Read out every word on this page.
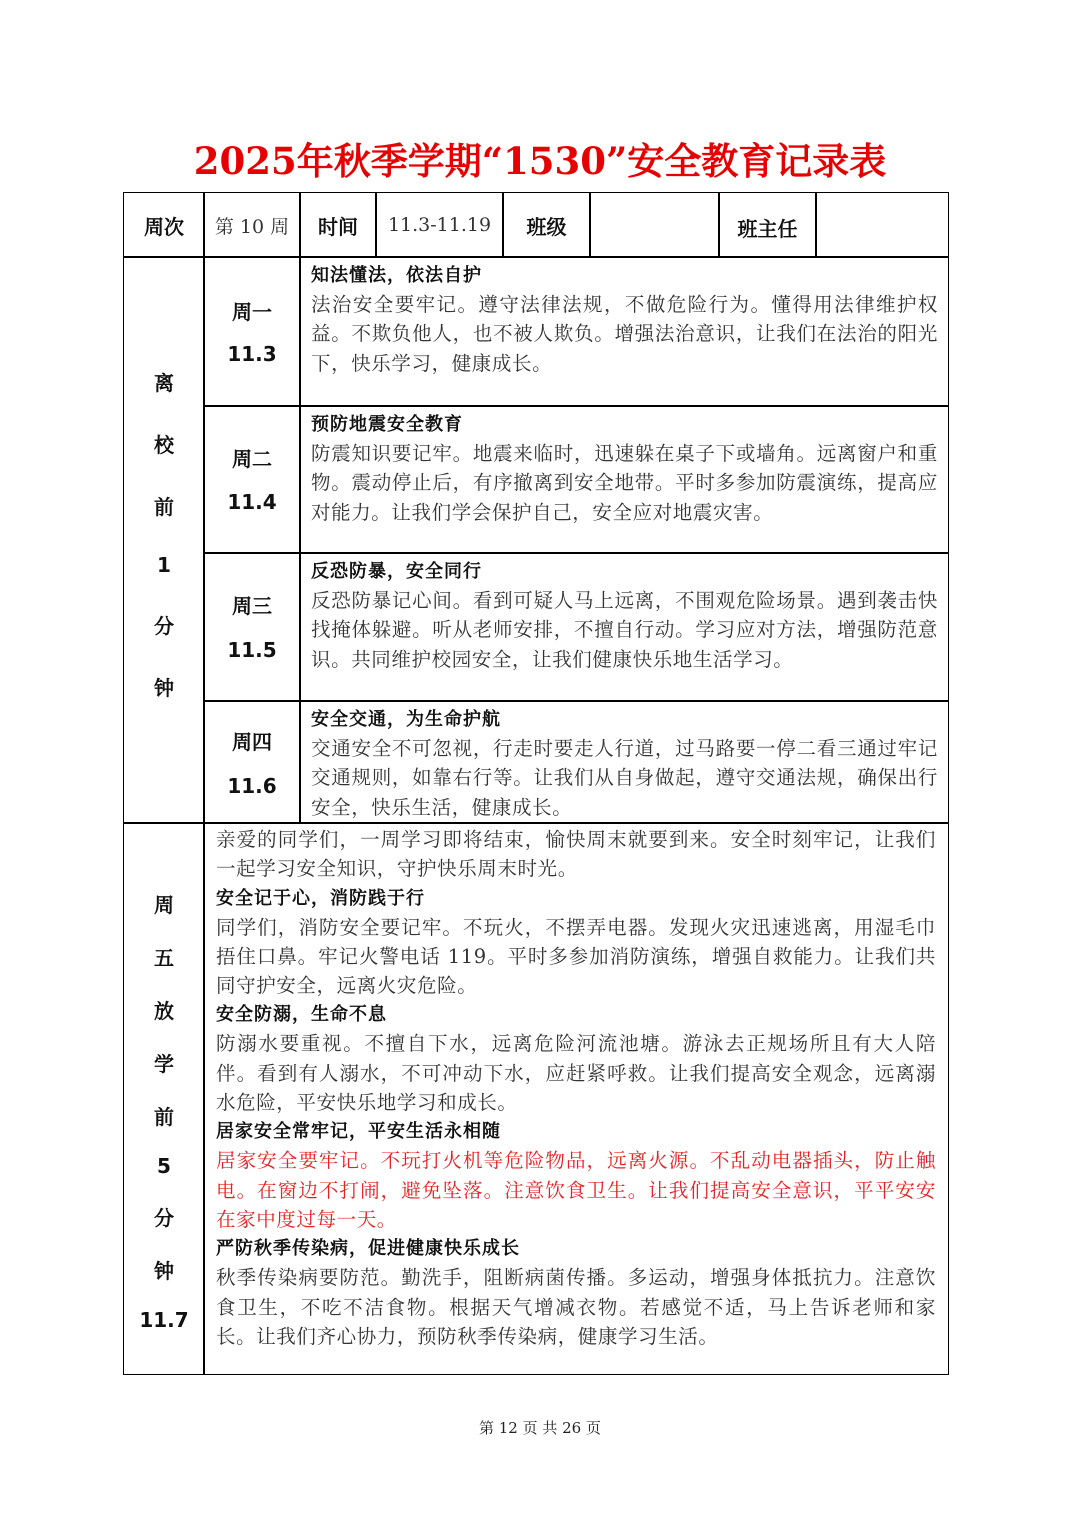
2025年秋季学期“1530”安全教育记录表
周次 第 10 周 时间 11.3-11.19 班级	班主任
离
校
前
1
分
钟
周一
11.3
知法懂法，依法自护
法治安全要牢记。遵守法律法规，不做危险行为。懂得用法律维护权益。不欺负他人，也不被人欺负。增强法治意识，让我们在法治的阳光下，快乐学习，健康成长。
周二
11.4
预防地震安全教育
防震知识要记牢。地震来临时，迅速躲在桌子下或墙角。远离窗户和重物。震动停止后，有序撤离到安全地带。平时多参加防震演练，提高应对能力。让我们学会保护自己，安全应对地震灾害。
周三
11.5
反恐防暴，安全同行
反恐防暴记心间。看到可疑人马上远离，不围观危险场景。遇到袭击快找掩体躲避。听从老师安排，不擅自行动。学习应对方法，增强防范意识。共同维护校园安全，让我们健康快乐地生活学习。
周四
11.6
安全交通，为生命护航
交通安全不可忽视，行走时要走人行道，过马路要一停二看三通过牢记交通规则，如靠右行等。让我们从自身做起，遵守交通法规，确保出行安全，快乐生活，健康成长。
周
五
放
学
前
5
分
钟
11.7
亲爱的同学们，一周学习即将结束，愉快周末就要到来。安全时刻牢记，让我们一起学习安全知识，守护快乐周末时光。
安全记于心，消防践于行
同学们，消防安全要记牢。不玩火，不摆弄电器。发现火灾迅速逃离，用湿毛巾捂住口鼻。牢记火警电话 119。平时多参加消防演练，增强自救能力。让我们共同守护安全，远离火灾危险。
安全防溺，生命不息
防溺水要重视。不擅自下水，远离危险河流池塘。游泳去正规场所且有大人陪伴。看到有人溺水，不可冲动下水，应赶紧呼救。让我们提高安全观念，远离溺水危险，平安快乐地学习和成长。
居家安全常牢记，平安生活永相随
居家安全要牢记。不玩打火机等危险物品，远离火源。不乱动电器插头，防止触电。在窗边不打闹，避免坠落。注意饮食卫生。让我们提高安全意识，平平安安在家中度过每一天。
严防秋季传染病，促进健康快乐成长
秋季传染病要防范。勤洗手，阻断病菌传播。多运动，增强身体抵抗力。注意饮食卫生，不吃不洁食物。根据天气增减衣物。若感觉不适，马上告诉老师和家长。让我们齐心协力，预防秋季传染病，健康学习生活。
第 12 页 共 26 页
